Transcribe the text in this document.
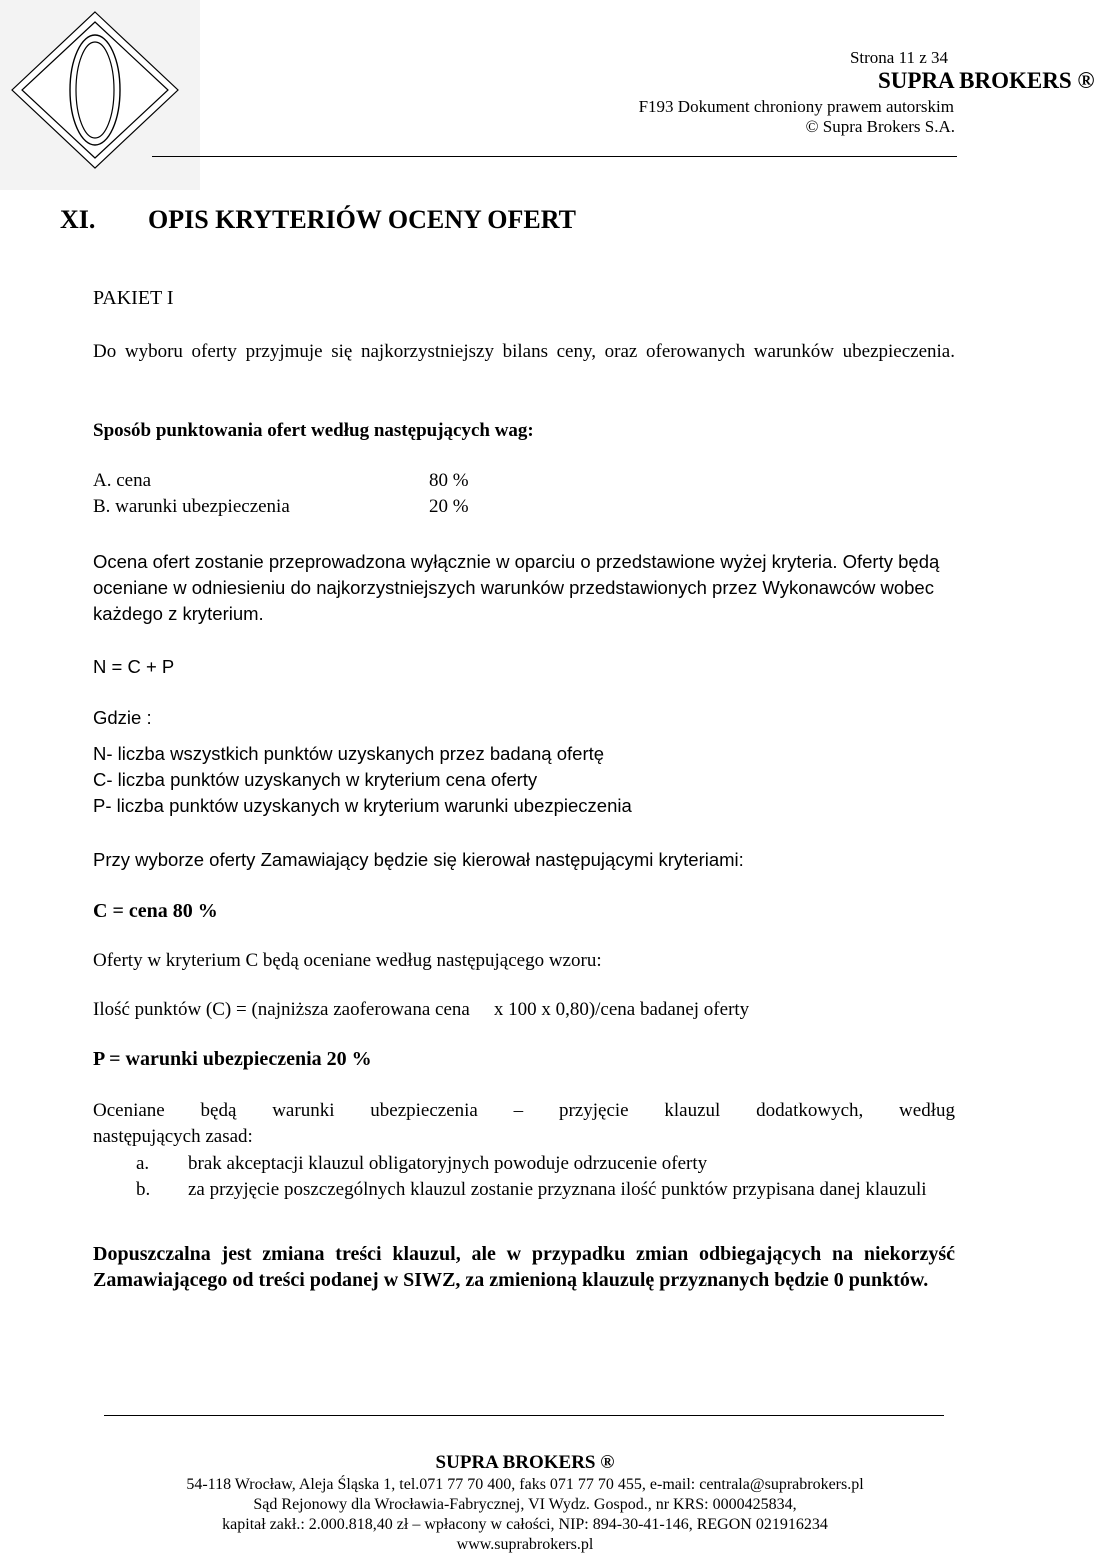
SUPRA BROKERS ®
Strona 11 z 34
F193 Dokument chroniony prawem autorskim
© Supra Brokers S.A.
XI. OPIS KRYTERIÓW OCENY OFERT
PAKIET I
Do wyboru oferty przyjmuje się najkorzystniejszy bilans ceny, oraz oferowanych warunków ubezpieczenia.
Sposób punktowania ofert według następujących wag:
A. cena	80 %
B. warunki ubezpieczenia	20 %
Ocena ofert zostanie przeprowadzona wyłącznie w oparciu o przedstawione wyżej kryteria. Oferty będą oceniane w odniesieniu do najkorzystniejszych warunków przedstawionych przez Wykonawców wobec każdego z kryterium.
N = C + P
Gdzie :
N- liczba wszystkich punktów uzyskanych przez badaną ofertę
C- liczba punktów uzyskanych w kryterium cena oferty
P- liczba punktów uzyskanych w kryterium warunki ubezpieczenia
Przy wyborze oferty Zamawiający będzie się kierował następującymi kryteriami:
C = cena 80 %
Oferty w kryterium C będą oceniane według następującego wzoru:
Ilość punktów (C) = (najniższa zaoferowana cena x 100 x 0,80)/cena badanej oferty
P = warunki ubezpieczenia 20 %
Oceniane będą warunki ubezpieczenia – przyjęcie klauzul dodatkowych, według
następujących zasad:
a. brak akceptacji klauzul obligatoryjnych powoduje odrzucenie oferty
b. za przyjęcie poszczególnych klauzul zostanie przyznana ilość punktów przypisana danej klauzuli
Dopuszczalna jest zmiana treści klauzul, ale w przypadku zmian odbiegających na niekorzyść Zamawiającego od treści podanej w SIWZ, za zmienioną klauzulę przyznanych będzie 0 punktów.
SUPRA BROKERS ®
54-118 Wrocław, Aleja Śląska 1, tel.071 77 70 400, faks 071 77 70 455, e-mail: centrala@suprabrokers.pl
Sąd Rejonowy dla Wrocławia-Fabrycznej, VI Wydz. Gospod., nr KRS: 0000425834,
kapitał zakł.: 2.000.818,40 zł – wpłacony w całości, NIP: 894-30-41-146, REGON 021916234
www.suprabrokers.pl
